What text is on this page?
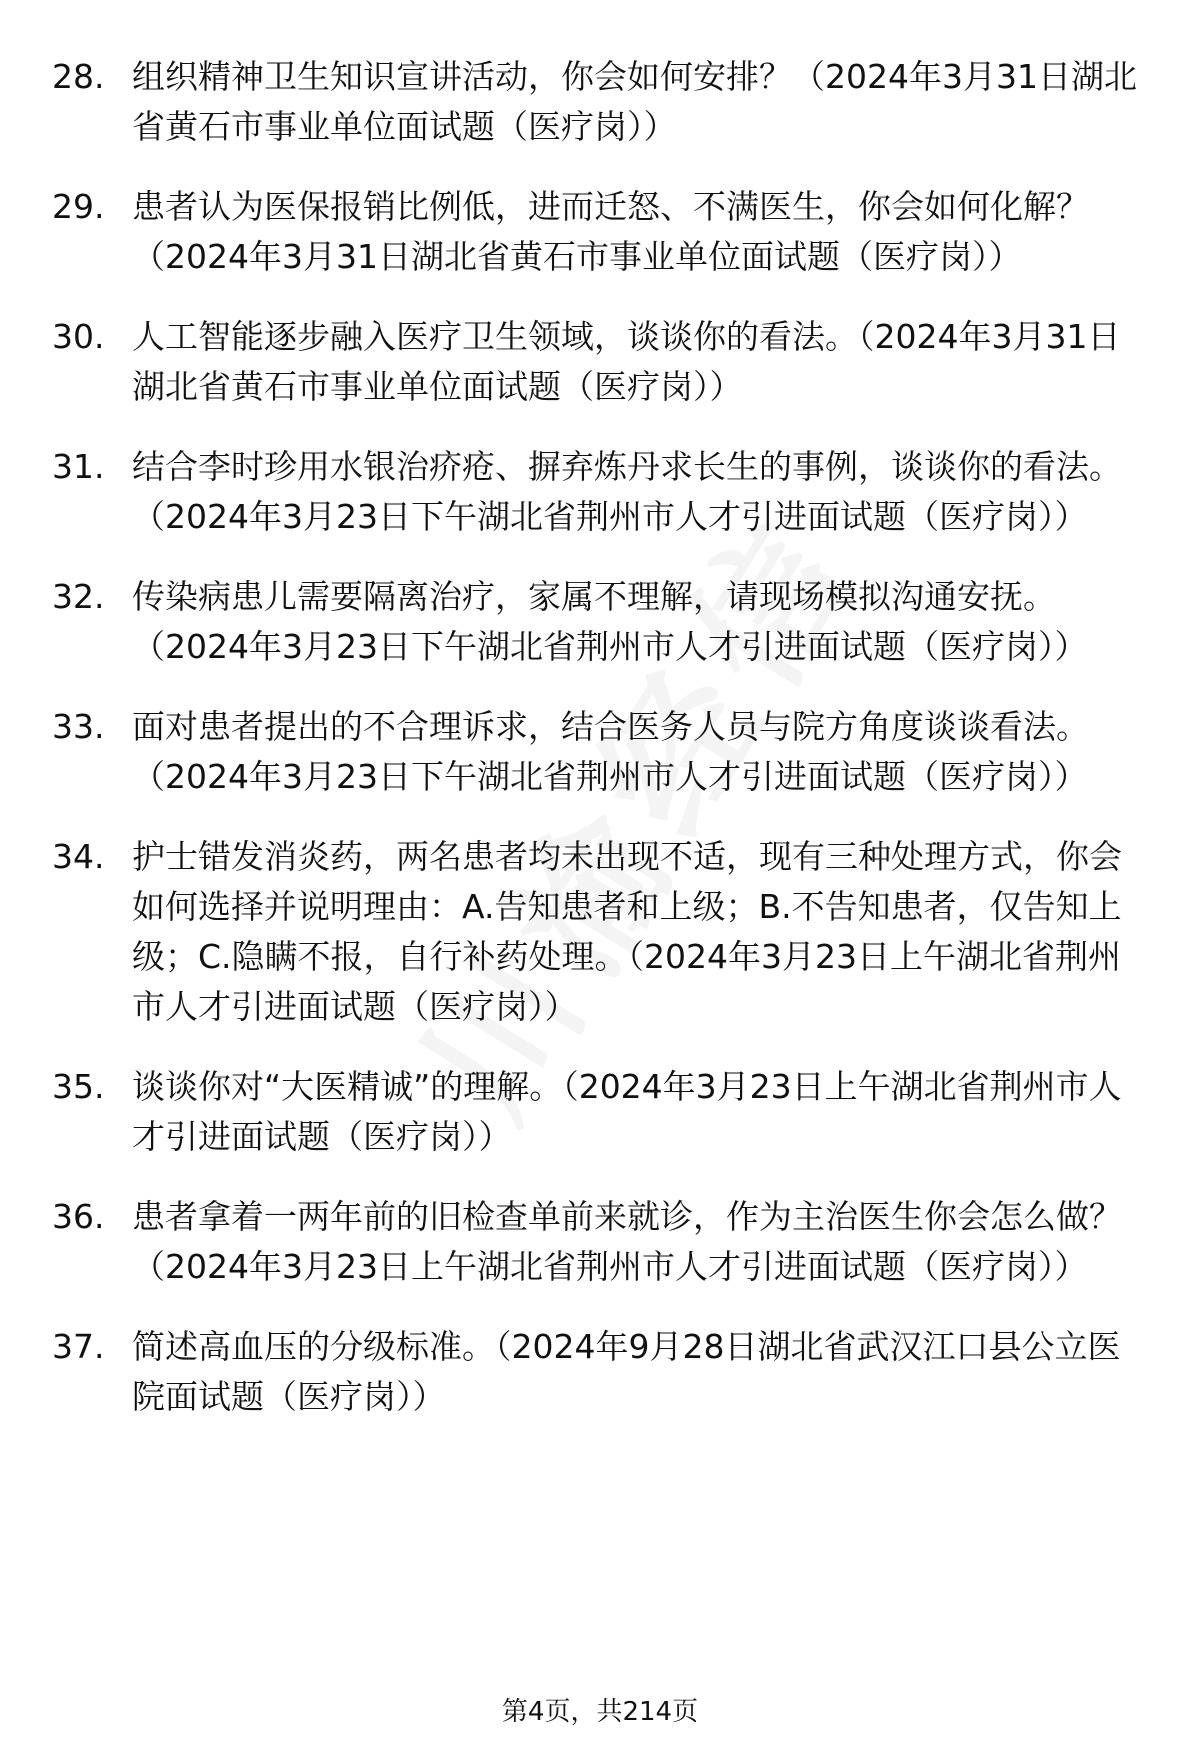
28. 组织精神卫生知识宣讲活动，你会如何安排？（2024年3月31日湖北省黄石市事业单位面试题（医疗岗））
29. 患者认为医保报销比例低，进而迁怒、不满医生，你会如何化解？（2024年3月31日湖北省黄石市事业单位面试题（医疗岗））
30. 人工智能逐步融入医疗卫生领域，谈谈你的看法。（2024年3月31日湖北省黄石市事业单位面试题（医疗岗））
31. 结合李时珍用水银治疥疮、摒弃炼丹求长生的事例，谈谈你的看法。（2024年3月23日下午湖北省荆州市人才引进面试题（医疗岗））
32. 传染病患儿需要隔离治疗，家属不理解，请现场模拟沟通安抚。（2024年3月23日下午湖北省荆州市人才引进面试题（医疗岗））
33. 面对患者提出的不合理诉求，结合医务人员与院方角度谈谈看法。（2024年3月23日下午湖北省荆州市人才引进面试题（医疗岗））
34. 护士错发消炎药，两名患者均未出现不适，现有三种处理方式，你会如何选择并说明理由：A.告知患者和上级；B.不告知患者，仅告知上级；C.隐瞒不报，自行补药处理。（2024年3月23日上午湖北省荆州市人才引进面试题（医疗岗））
35. 谈谈你对“大医精诚”的理解。（2024年3月23日上午湖北省荆州市人才引进面试题（医疗岗））
36. 患者拿着一两年前的旧检查单前来就诊，作为主治医生你会怎么做？（2024年3月23日上午湖北省荆州市人才引进面试题（医疗岗））
37. 简述高血压的分级标准。（2024年9月28日湖北省武汉江口县公立医院面试题（医疗岗））
第4页，共214页
